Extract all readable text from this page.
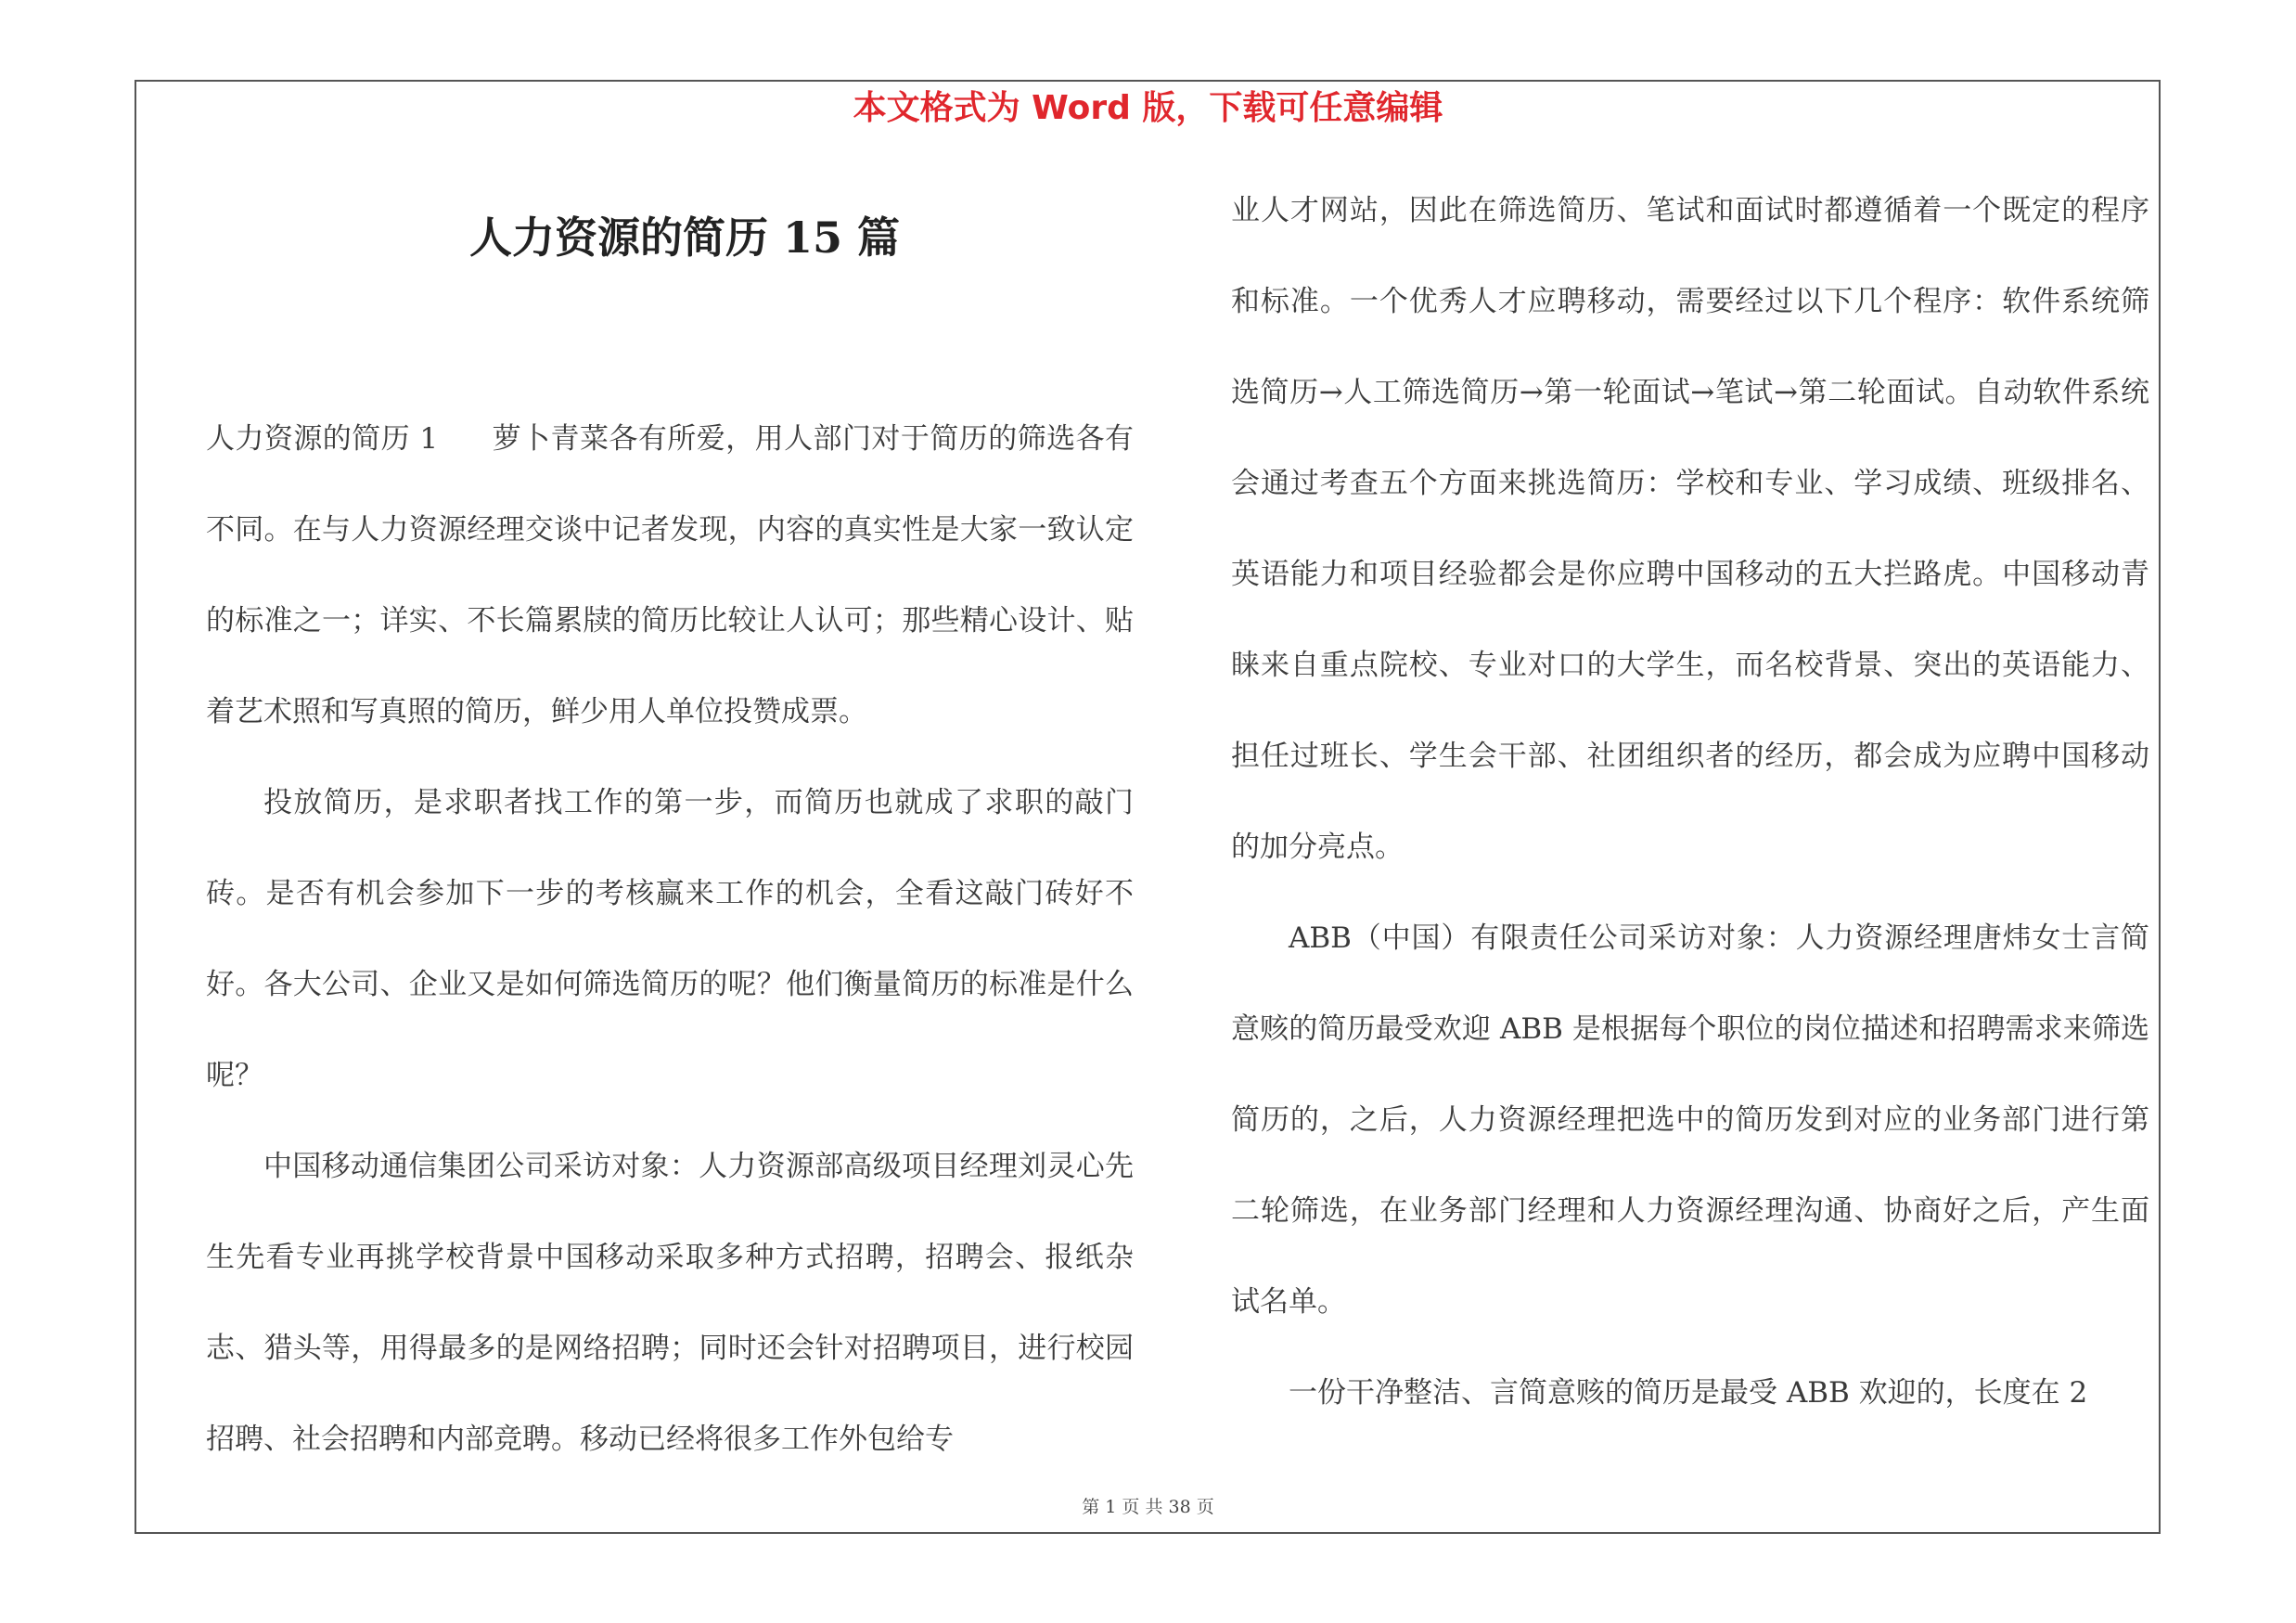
本文格式为 Word 版，下载可任意编辑
人力资源的简历 15 篇

人力资源的简历 1 萝卜青菜各有所爱，用人部门对于简历的筛选各有不同。在与人力资源经理交谈中记者发现，内容的真实性是大家一致认定的标准之一；详实、不长篇累牍的简历比较让人认可；那些精心设计、贴着艺术照和写真照的简历，鲜少用人单位投赞成票。

投放简历，是求职者找工作的第一步，而简历也就成了求职的敲门砖。是否有机会参加下一步的考核赢来工作的机会，全看这敲门砖好不好。各大公司、企业又是如何筛选简历的呢？他们衡量简历的标准是什么呢？

中国移动通信集团公司采访对象：人力资源部高级项目经理刘灵心先生先看专业再挑学校背景中国移动采取多种方式招聘，招聘会、报纸杂志、猎头等，用得最多的是网络招聘；同时还会针对招聘项目，进行校园招聘、社会招聘和内部竞聘。移动已经将很多工作外包给专

业人才网站，因此在筛选简历、笔试和面试时都遵循着一个既定的程序和标准。一个优秀人才应聘移动，需要经过以下几个程序：软件系统筛选简历→人工筛选简历→第一轮面试→笔试→第二轮面试。自动软件系统会通过考查五个方面来挑选简历：学校和专业、学习成绩、班级排名、英语能力和项目经验都会是你应聘中国移动的五大拦路虎。中国移动青睐来自重点院校、专业对口的大学生，而名校背景、突出的英语能力、担任过班长、学生会干部、社团组织者的经历，都会成为应聘中国移动的加分亮点。

ABB（中国）有限责任公司采访对象：人力资源经理唐炜女士言简意赅的简历最受欢迎 ABB 是根据每个职位的岗位描述和招聘需求来筛选简历的，之后，人力资源经理把选中的简历发到对应的业务部门进行第二轮筛选，在业务部门经理和人力资源经理沟通、协商好之后，产生面试名单。

一份干净整洁、言简意赅的简历是最受 ABB 欢迎的，长度在 2

第 1 页 共 38 页
